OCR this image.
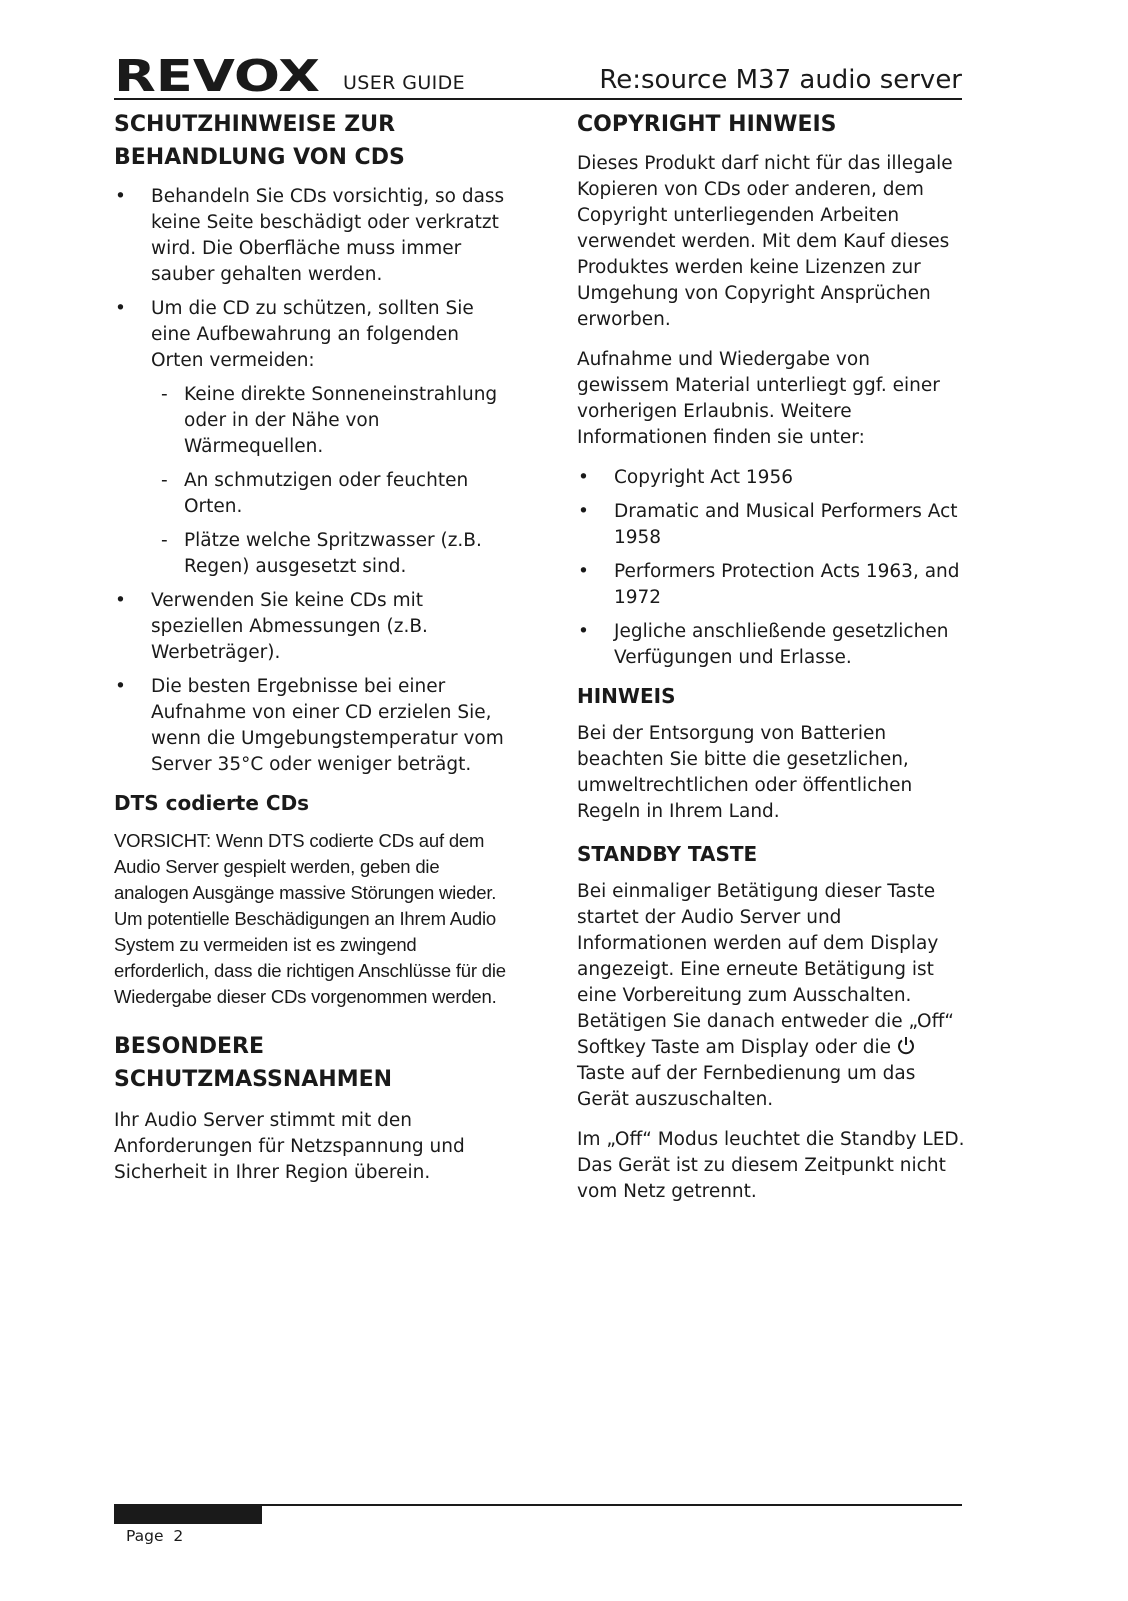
REVOX USER GUIDE	Re:source M37 audio server
SCHUTZHINWEISE ZUR
BEHANDLUNG VON CDS
• Behandeln Sie CDs vorsichtig, so dass keine Seite beschädigt oder verkratzt wird. Die Oberfläche muss immer sauber gehalten werden.
• Um die CD zu schützen, sollten Sie eine Aufbewahrung an folgenden Orten vermeiden:
- Keine direkte Sonneneinstrahlung oder in der Nähe von Wärmequellen.
- An schmutzigen oder feuchten Orten.
- Plätze welche Spritzwasser (z.B. Regen) ausgesetzt sind.
• Verwenden Sie keine CDs mit speziellen Abmessungen (z.B. Werbeträger).
• Die besten Ergebnisse bei einer Aufnahme von einer CD erzielen Sie, wenn die Umgebungstemperatur vom Server 35°C oder weniger beträgt.
DTS codierte CDs

VORSICHT: Wenn DTS codierte CDs auf dem Audio Server gespielt werden, geben die analogen Ausgänge massive Störungen wieder. Um potentielle Beschädigungen an Ihrem Audio System zu vermeiden ist es zwingend erforderlich, dass die richtigen Anschlüsse für die Wiedergabe dieser CDs vorgenommen werden.

BESONDERE
SCHUTZMASSNAHMEN

Ihr Audio Server stimmt mit den Anforderungen für Netzspannung und Sicherheit in Ihrer Region überein.

COPYRIGHT HINWEIS

Dieses Produkt darf nicht für das illegale Kopieren von CDs oder anderen, dem Copyright unterliegenden Arbeiten verwendet werden. Mit dem Kauf dieses Produktes werden keine Lizenzen zur Umgehung von Copyright Ansprüchen erworben.

Aufnahme und Wiedergabe von gewissem Material unterliegt ggf. einer vorherigen Erlaubnis. Weitere Informationen finden sie unter:

• Copyright Act 1956
• Dramatic and Musical Performers Act 1958
• Performers Protection Acts 1963, and 1972
• Jegliche anschließende gesetzlichen Verfügungen und Erlasse.
HINWEIS

Bei der Entsorgung von Batterien beachten Sie bitte die gesetzlichen, umweltrechtlichen oder öffentlichen Regeln in Ihrem Land.

STANDBY TASTE

Bei einmaliger Betätigung dieser Taste startet der Audio Server und Informationen werden auf dem Display angezeigt. Eine erneute Betätigung ist eine Vorbereitung zum Ausschalten. Betätigen Sie danach entweder die „Off“ Softkey Taste am Display oder die  Taste auf der Fernbedienung um das Gerät auszuschalten.

Im „Off“ Modus leuchtet die Standby LED. Das Gerät ist zu diesem Zeitpunkt nicht vom Netz getrennt.

Page  2
